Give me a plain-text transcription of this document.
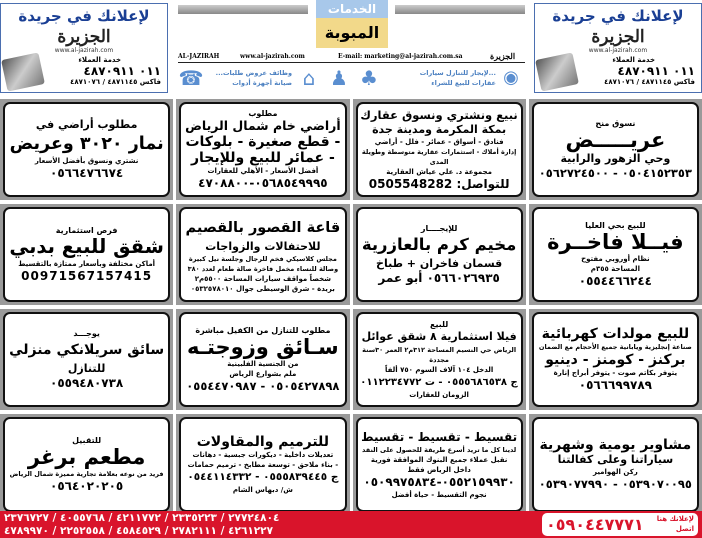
لإعلانك في جريدة
الجزيرة
www.al-jazirah.com
خدمة العملاء
٠١١ ٤٨٧٠٩١١
فاكس ٤٨٧١١٤٥ / ٤٨٧١٠٧٦
الخدمات
المبوبة
AL-JAZIRAH	www.al-jazirah.com	E-mail: marketing@al-jazirah.com.sa	الجزيرة
☎	وظائف عروض طلبات...
صيانة أجهزة أدوات ⌂ ♟ ♣	...لإيجار للتنازل سيارات
عقارات للبيع للشراء ◉
لإعلانك في جريدة
الجزيرة
www.al-jazirah.com
خدمة العملاء
٠١١ ٤٨٧٠٩١١
فاكس ٤٨٧١١٤٥ / ٤٨٧١٠٧٦
نسوق منح
عريـــــض
وحي الزهور والرابية
٠٥٠٤١٥٢٣٥٣ - ٠٥٦٢٧٢٤٥٠٠
نبيع ونشتري ونسوق عقارك
بمكة المكرمة ومدينة جدة
فنادق - أسواق - عمائر - فلل - أراضي
إدارة أملاك - استثمارات عقارية متوسطة وطويلة المدى
مجموعة د. علي عياش العقارية
للتواصل: 0505548282
مطلوب
أراضي خام شمال الرياض
- قطع صغيرة - بلوكات
- عمائر للبيع وللإيجار
أفضل الأسعار - الأهلي للعقارات
٠٥٦٨٥٤٩٩٩٥-٤٧٠٨٨٠٠
مطلوب أراضي في
نمار ٣٠٢٠ وعريض
نشتري ونسوق بأفضل الأسعار
٠٥٦٦٤٧٦٦٧٤
للبيع بحي العليا
فيــلا فاخــرة
نظام أوروبي مفتوح
المساحة ٣٥٥م
٠٥٥٤٤٦٦٢٤٤
للإيجــــار
مخيم كرم بالعازرية
قسمان فاخران + طباخ
٠٥٦٦٠٢٦٩٣٥ أبو عمر
قاعة القصور بالقصيم
للاحتفالات والزواجات
مجلس كلاسيكي فخم للرجال وجلسة نيل كبيرة
وصالة للنساء مخمل فاخرة صالة طعام لعدد ٣٨٠
شخصاً مواقف سيارات المساحة ٥٥٠٠م٢
بريدة - شرق الوسيطى جوال ٠٥٣٢٥٧٨٠١٠
فرص استثمارية
شقق للبيع بدبي
أماكن مختلفة وبأسعار ممتازة بالتقسيط
00971567157415
للبيع مولدات كهربائية
صناعة إنجليزية ويابانية جميع الأحجام مع الضمان
بركنز - كومنز - دينيو
يتوفر بكاتم صوت - يتوفر أبراج إنارة
٠٥٦٦٦٩٩٧٨٩
للبيع
فيلا استثمارية ٨ شقق عوائل
الرياض حي النسيم المساحة ٣١٢م٢ العمر ٣٠سنة مجددة
الدخل ١٠٤ آلاف السوم ٧٥٠ ألفاً
ج ٠٥٥٥٦٨٦٥٣٨ - ت ٠١١٢٢٣٤٧٧٢
الزومان للعقارات
مطلوب للتنازل من الكفيل مباشرة
سـائق وزوجتـه
من الجنسية الفلبينية
ملم بشوارع الرياض
٠٥٠٥٤٢٧٨٩٨ - ٠٥٥٤٤٧٠٩٨٧
يوجـــد
سائق سريلانكي منزلي
للتنازل
٠٥٥٩٤٨٠٧٣٨
مشاوير يومية وشهرية
سياراتنا وعلى كفالتنا
ركن الهوامير
٠٥٣٩٠٧٠٠٩٥ - ٠٥٣٩٠٧٧٩٩٠
تقسيط - تقسيط - تقسيط
لدينا كل ما تريد أسرع طريقة للحصول على النقد
نقبل عملاء جميع البنوك الموافقة فورية
داخل الرياض فقط
٠٥٥٢١٥٩٩٣٠-٠٥٠٩٩٧٥٨٣٤
نجوم التقسيط - حياة أفضل
للترميم والمقاولات
تعديلات داخلية - ديكورات جبسية - دهانات
- بناء ملاحق - توسعة مطابخ - ترميم حمامات
ج ٠٥٥٥٨٣٩٤٤٥ - ٠٥٤٤١١٤٣٣٢
ش/ دبهاس الشام
للتقبيل
مطعم برغر
فريد من نوعه بعلامة تجارية مميزة شمال الرياض
٠٥٦٤٠٢٠٢٠٥
٢٧٧٢٤٨٠٤ / ٢٣٣٥٢٢٣ / ٤٢١١٧٧٢ / ٤٠٥٥٧٦٨ / ٢٣٧٦٧٢٧
٤٢٦١٢٢٧ / ٢٧٨٢١١١ / ٤٥٨٤٥٢٩ / ٢٢٥٢٥٥٨ / ٤٧٨٩٩٧٠
لإعلانك هنا
اتصل
٠٥٩٠٤٤٧٧٧١
